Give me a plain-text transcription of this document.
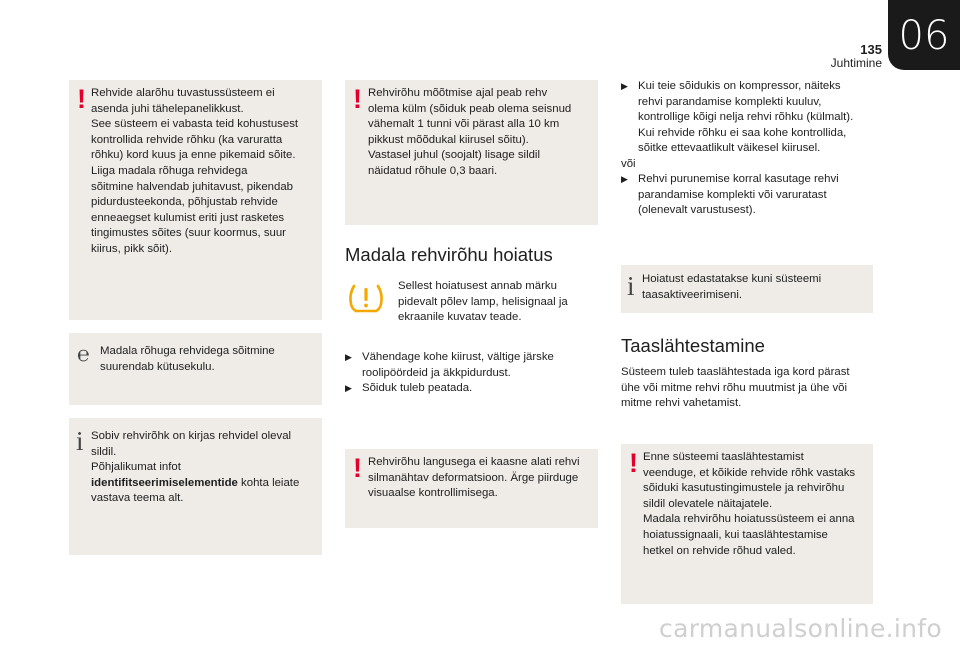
135
Juhtimine
06
! Rehvide alarõhu tuvastussüsteem ei
asenda juhi tähelepanelikkust.
See süsteem ei vabasta teid kohustusest
kontrollida rehvide rõhku (ka varuratta
rõhku) kord kuus ja enne pikemaid sõite.
Liiga madala rõhuga rehvidega
sõitmine halvendab juhitavust, pikendab
pidurdusteekonda, põhjustab rehvide
enneaegset kulumist eriti just rasketes
tingimustes sõites (suur koormus, suur
kiirus, pikk sõit).
℮ Madala rõhuga rehvidega sõitmine
suurendab kütusekulu.
i Sobiv rehvirõhk on kirjas rehvidel oleval
sildil.
Põhjalikumat infot
identifitseerimiselementide kohta leiate
vastava teema alt.
! Rehvirõhu mõõtmise ajal peab rehv
olema külm (sõiduk peab olema seisnud
vähemalt 1 tunni või pärast alla 10 km
pikkust mõõdukal kiirusel sõitu).
Vastasel juhul (soojalt) lisage sildil
näidatud rõhule 0,3 baari.
Madala rehvirõhu hoiatus
Sellest hoiatusest annab märku
pidevalt põlev lamp, helisignaal ja
ekraanile kuvatav teade.
▶ Vähendage kohe kiirust, vältige järske
roolipöördeid ja äkkpidurdust.
▶ Sõiduk tuleb peatada.
! Rehvirõhu langusega ei kaasne alati rehvi
silmanähtav deformatsioon. Ärge piirduge
visuaalse kontrollimisega.
▶ Kui teie sõidukis on kompressor, näiteks
rehvi parandamise komplekti kuuluv,
kontrollige kõigi nelja rehvi rõhku (külmalt).
Kui rehvide rõhku ei saa kohe kontrollida,
sõitke ettevaatlikult väikesel kiirusel.
või
▶ Rehvi purunemise korral kasutage rehvi
parandamise komplekti või varuratast
(olenevalt varustusest).
i Hoiatust edastatakse kuni süsteemi
taasaktiveerimiseni.
Taaslähtestamine
Süsteem tuleb taaslähtestada iga kord pärast
ühe või mitme rehvi rõhu muutmist ja ühe või
mitme rehvi vahetamist.
! Enne süsteemi taaslähtestamist
veenduge, et kõikide rehvide rõhk vastaks
sõiduki kasutustingimustele ja rehvirõhu
sildil olevatele näitajatele.
Madala rehvirõhu hoiatussüsteem ei anna
hoiatussignaali, kui taaslähtestamise
hetkel on rehvide rõhud valed.
carmanualsonline.info
